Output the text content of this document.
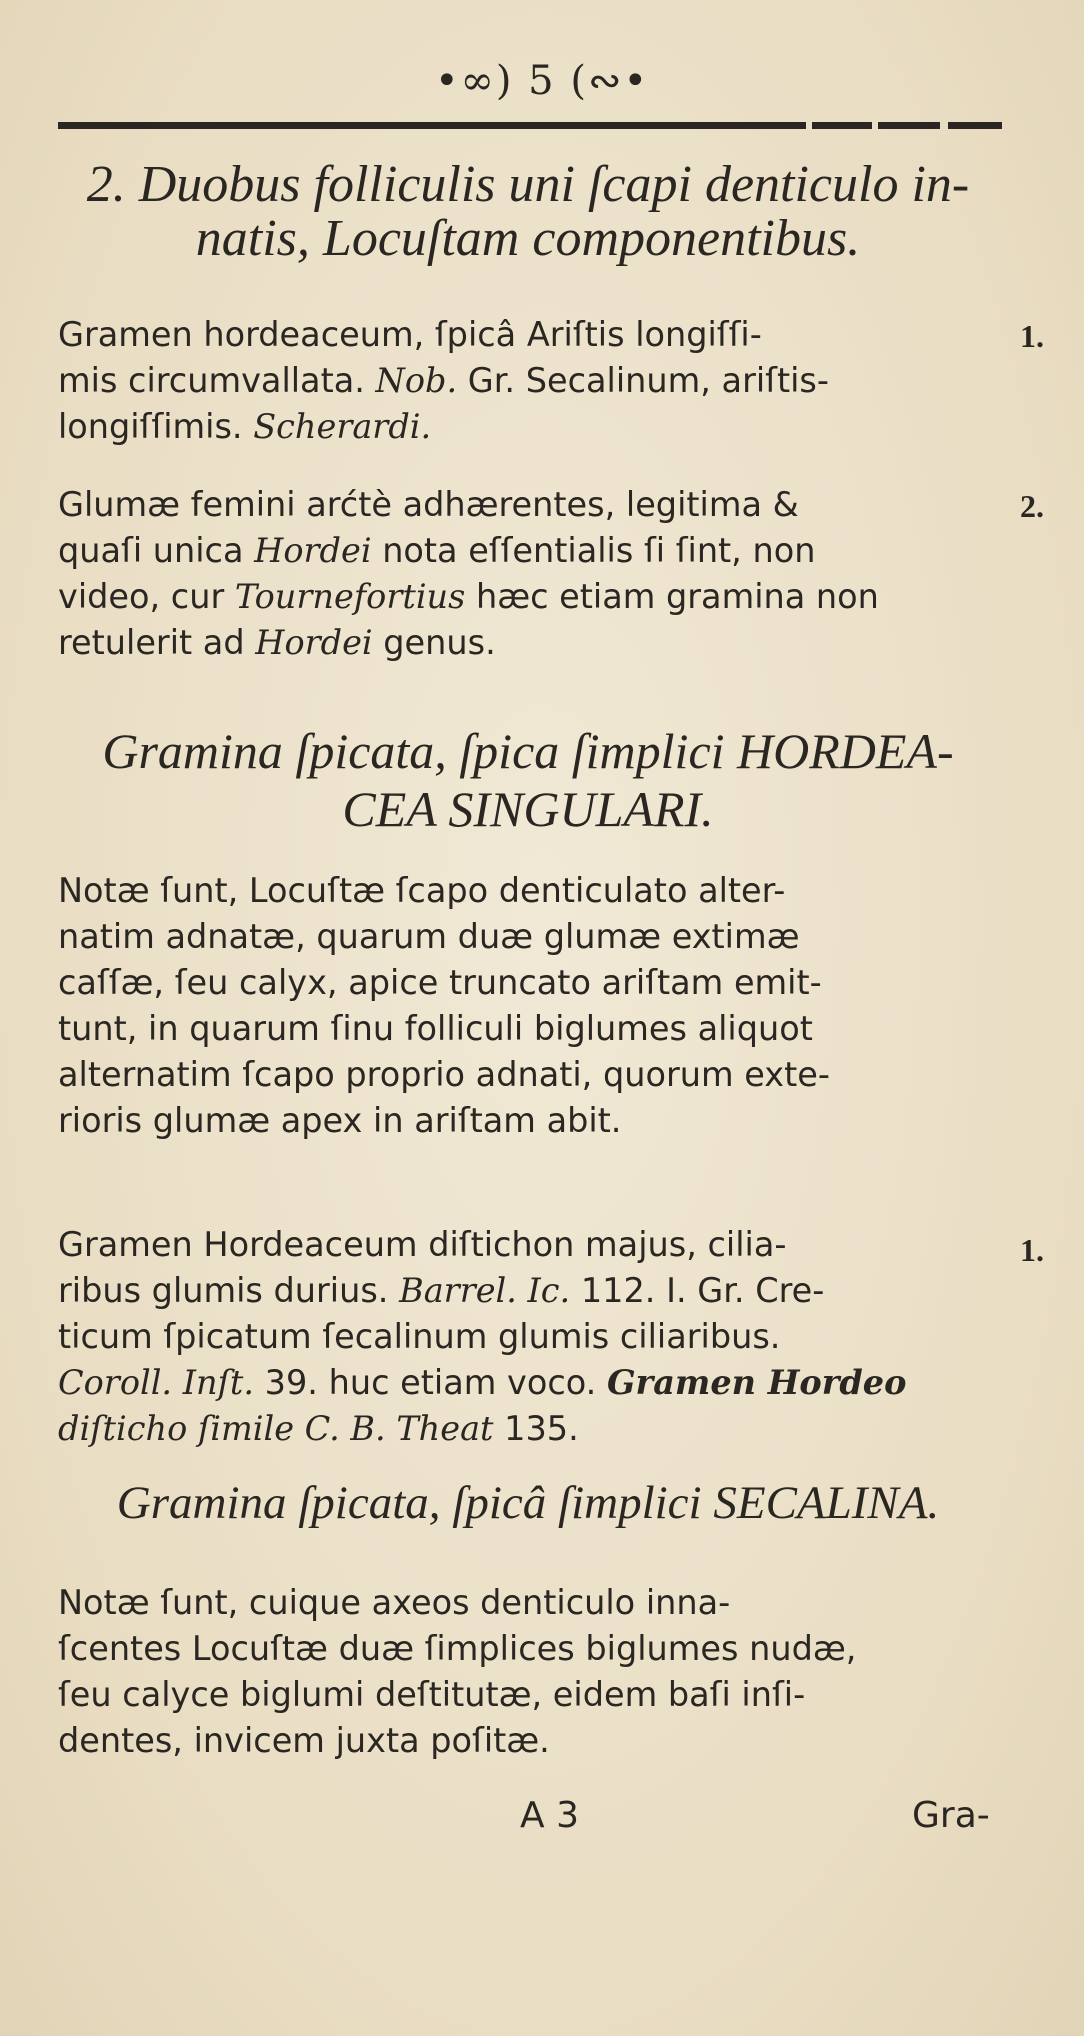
•∞) 5 (∾•
2. Duobus folliculis uni ſcapi denticulo in-
natis, Locuſtam componentibus.
Gramen hordeaceum, ſpicâ Ariſtis longiſſi-
mis circumvallata. Nob. Gr. Secalinum, ariſtis-
longiſſimis. Scherardi.
1.
Glumæ femini arćtè adhærentes, legitima &
quaſi unica Hordei nota eſſentialis ſi ſint, non
video, cur Tournefortius hæc etiam gramina non
retulerit ad Hordei genus.
2.
Gramina ſpicata, ſpica ſimplici HORDEA-
CEA SINGULARI.
Notæ ſunt, Locuſtæ ſcapo denticulato alter-
natim adnatæ, quarum duæ glumæ extimæ
caſſæ, ſeu calyx, apice truncato ariſtam emit-
tunt, in quarum ſinu folliculi biglumes aliquot
alternatim ſcapo proprio adnati, quorum exte-
rioris glumæ apex in ariſtam abit.
Gramen Hordeaceum diſtichon majus, cilia-
ribus glumis durius. Barrel. Ic. 112. I. Gr. Cre-
ticum ſpicatum ſecalinum glumis ciliaribus.
Coroll. Inſt. 39. huc etiam voco. Gramen Hordeo
diſticho ſimile C. B. Theat 135.
1.
Gramina ſpicata, ſpicâ ſimplici SECALINA.
Notæ ſunt, cuique axeos denticulo inna-
ſcentes Locuſtæ duæ ſimplices biglumes nudæ,
ſeu calyce biglumi deſtitutæ, eidem baſi inſi-
dentes, invicem juxta poſitæ.
A 3	Gra-
